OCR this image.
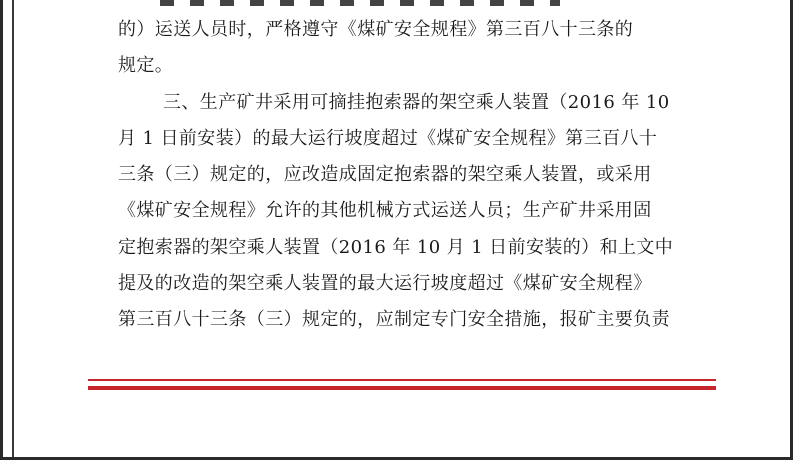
的）运送人员时，严格遵守《煤矿安全规程》第三百八十三条的
规定。
三、生产矿井采用可摘挂抱索器的架空乘人装置（2016 年 10
月 1 日前安装）的最大运行坡度超过《煤矿安全规程》第三百八十
三条（三）规定的，应改造成固定抱索器的架空乘人装置，或采用
《煤矿安全规程》允许的其他机械方式运送人员；生产矿井采用固
定抱索器的架空乘人装置（2016 年 10 月 1 日前安装的）和上文中
提及的改造的架空乘人装置的最大运行坡度超过《煤矿安全规程》
第三百八十三条（三）规定的，应制定专门安全措施，报矿主要负责
